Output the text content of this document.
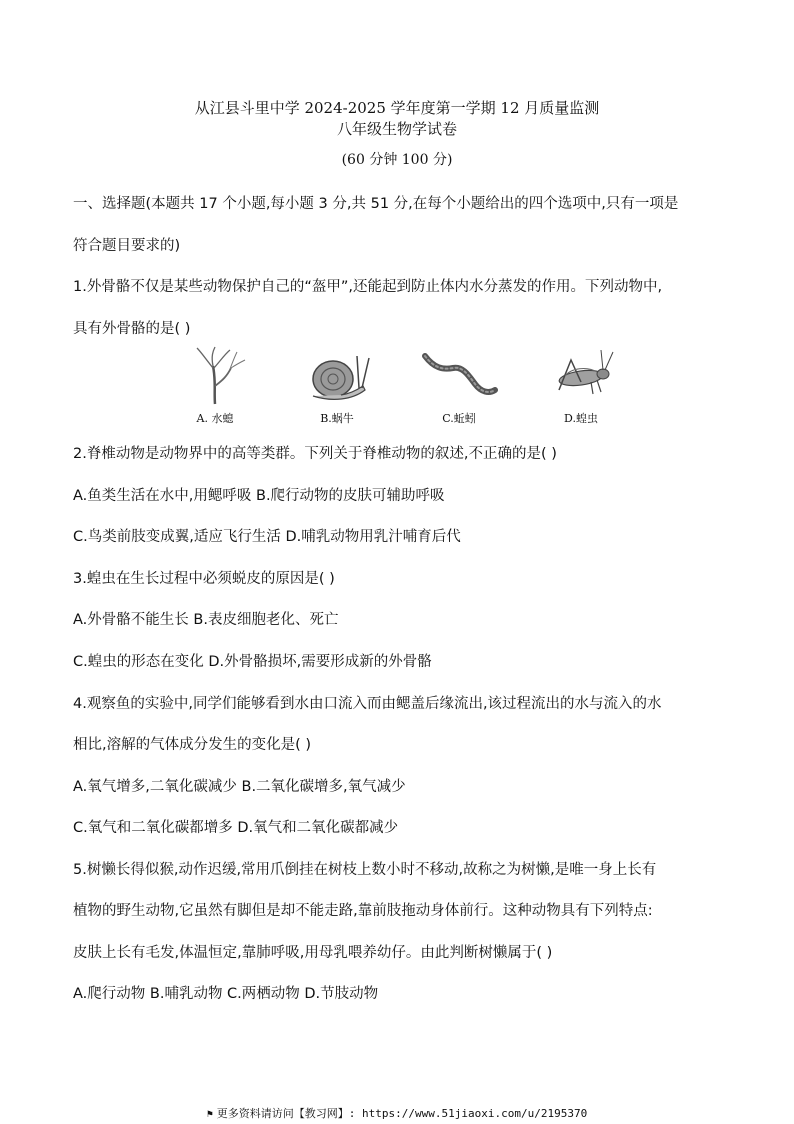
从江县斗里中学 2024-2025 学年度第一学期 12 月质量监测
八年级生物学试卷
(60 分钟 100 分)
一、选择题(本题共 17 个小题,每小题 3 分,共 51 分,在每个小题给出的四个选项中,只有一项是
符合题目要求的)
1.外骨骼不仅是某些动物保护自己的“盔甲”,还能起到防止体内水分蒸发的作用。下列动物中,
具有外骨骼的是( )
A. 水螅	B.蜗牛	C.蚯蚓	D.蝗虫
2.脊椎动物是动物界中的高等类群。下列关于脊椎动物的叙述,不正确的是( )
A.鱼类生活在水中,用鳃呼吸 B.爬行动物的皮肤可辅助呼吸
C.鸟类前肢变成翼,适应飞行生活 D.哺乳动物用乳汁哺育后代
3.蝗虫在生长过程中必须蜕皮的原因是( )
A.外骨骼不能生长 B.表皮细胞老化、死亡
C.蝗虫的形态在变化 D.外骨骼损坏,需要形成新的外骨骼
4.观察鱼的实验中,同学们能够看到水由口流入而由鳃盖后缘流出,该过程流出的水与流入的水
相比,溶解的气体成分发生的变化是( )
A.氧气增多,二氧化碳减少 B.二氧化碳增多,氧气减少
C.氧气和二氧化碳都增多 D.氧气和二氧化碳都减少
5.树懒长得似猴,动作迟缓,常用爪倒挂在树枝上数小时不移动,故称之为树懒,是唯一身上长有
植物的野生动物,它虽然有脚但是却不能走路,靠前肢拖动身体前行。这种动物具有下列特点:
皮肤上长有毛发,体温恒定,靠肺呼吸,用母乳喂养幼仔。由此判断树懒属于( )
A.爬行动物 B.哺乳动物 C.两栖动物 D.节肢动物
⚑ 更多资料请访问【教习网】: https://www.51jiaoxi.com/u/2195370
